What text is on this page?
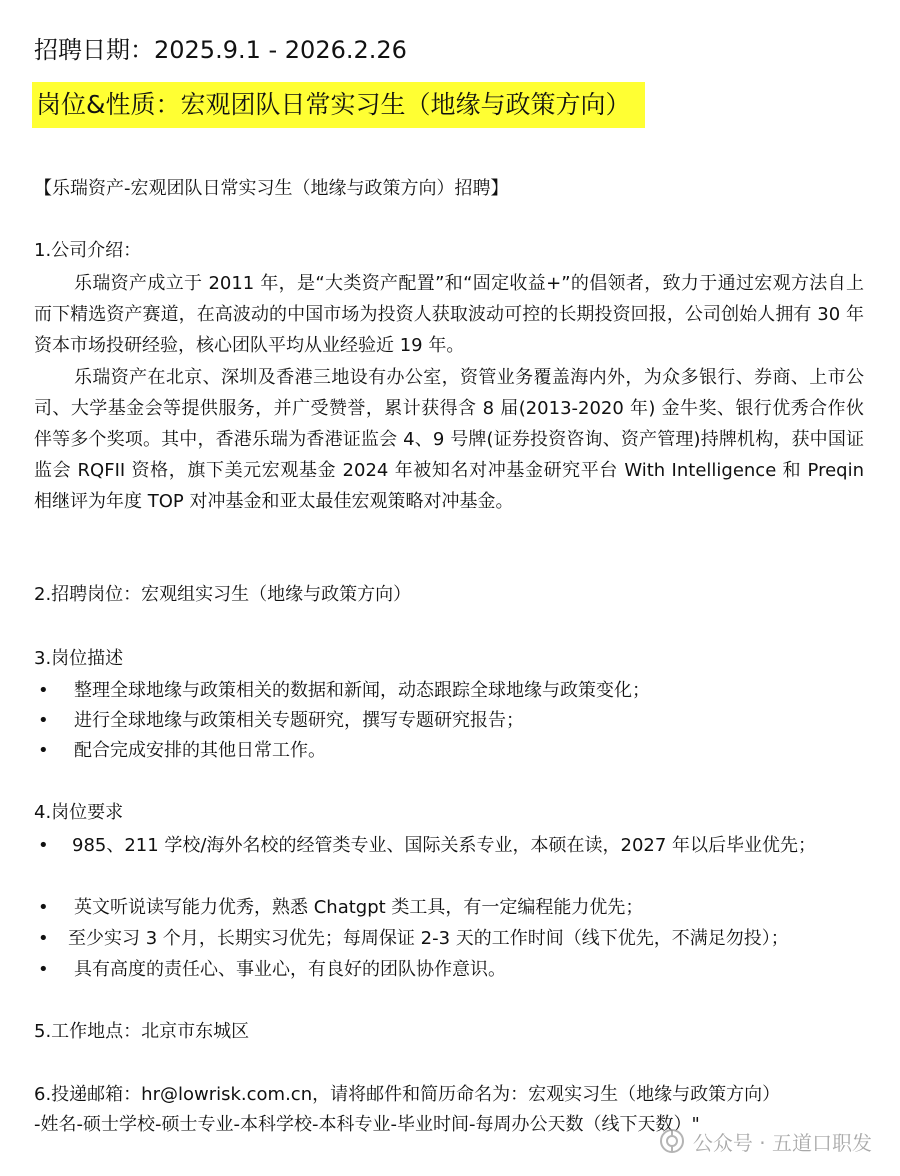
招聘日期：2025.9.1 - 2026.2.26
岗位&性质：宏观团队日常实习生（地缘与政策方向）
【乐瑞资产-宏观团队日常实习生（地缘与政策方向）招聘】
1.公司介绍：
乐瑞资产成立于 2011 年，是“大类资产配置”和“固定收益+”的倡领者，致力于通过宏观方法自上而下精选资产赛道，在高波动的中国市场为投资人获取波动可控的长期投资回报，公司创始人拥有 30 年资本市场投研经验，核心团队平均从业经验近 19 年。
乐瑞资产在北京、深圳及香港三地设有办公室，资管业务覆盖海内外，为众多银行、券商、上市公司、大学基金会等提供服务，并广受赞誉，累计获得含 8 届(2013-2020 年) 金牛奖、银行优秀合作伙伴等多个奖项。其中，香港乐瑞为香港证监会 4、9 号牌(证券投资咨询、资产管理)持牌机构，获中国证监会 RQFII 资格，旗下美元宏观基金 2024 年被知名对冲基金研究平台 With Intelligence 和 Preqin 相继评为年度 TOP 对冲基金和亚太最佳宏观策略对冲基金。
2.招聘岗位：宏观组实习生（地缘与政策方向）
3.岗位描述
• 整理全球地缘与政策相关的数据和新闻，动态跟踪全球地缘与政策变化；
• 进行全球地缘与政策相关专题研究，撰写专题研究报告；
• 配合完成安排的其他日常工作。
4.岗位要求
• 985、211 学校/海外名校的经管类专业、国际关系专业，本硕在读，2027 年以后毕业优先；
• 英文听说读写能力优秀，熟悉 Chatgpt 类工具，有一定编程能力优先；
• 至少实习 3 个月，长期实习优先；每周保证 2-3 天的工作时间（线下优先，不满足勿投）；
• 具有高度的责任心、事业心，有良好的团队协作意识。
5.工作地点：北京市东城区
6.投递邮箱：hr@lowrisk.com.cn，请将邮件和简历命名为：宏观实习生（地缘与政策方向）
-姓名-硕士学校-硕士专业-本科学校-本科专业-毕业时间-每周办公天数（线下天数）"
公众号 · 五道口职发
